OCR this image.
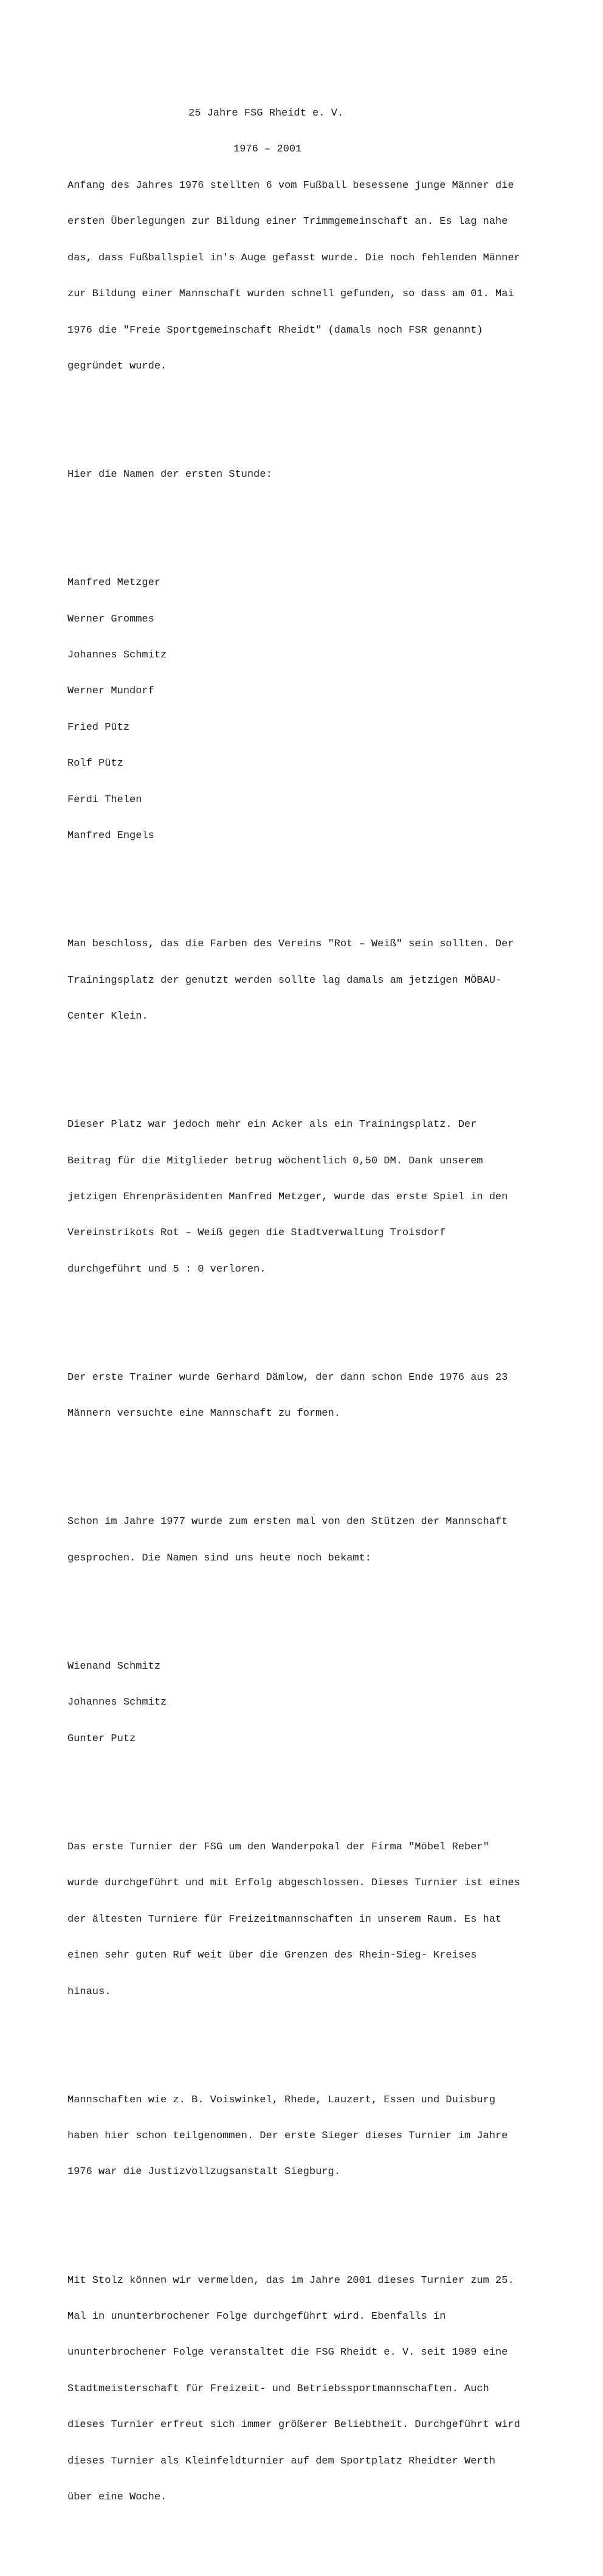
25 Jahre FSG Rheidt e. V.

1976 – 2001

Anfang des Jahres 1976 stellten 6 vom Fußball besessene junge Männer die

ersten Überlegungen zur Bildung einer Trimmgemeinschaft an. Es lag nahe

das, dass Fußballspiel in's Auge gefasst wurde. Die noch fehlenden Männer

zur Bildung einer Mannschaft wurden schnell gefunden, so dass am 01. Mai

1976 die "Freie Sportgemeinschaft Rheidt" (damals noch FSR genannt)

gegründet wurde.

Hier die Namen der ersten Stunde:

Manfred Metzger

Werner Grommes

Johannes Schmitz

Werner Mundorf

Fried Pütz

Rolf Pütz

Ferdi Thelen

Manfred Engels

Man beschloss, das die Farben des Vereins "Rot – Weiß" sein sollten. Der

Trainingsplatz der genutzt werden sollte lag damals am jetzigen MÖBAU-

Center Klein.

Dieser Platz war jedoch mehr ein Acker als ein Trainingsplatz. Der

Beitrag für die Mitglieder betrug wöchentlich 0,50 DM. Dank unserem

jetzigen Ehrenpräsidenten Manfred Metzger, wurde das erste Spiel in den

Vereinstrikots Rot – Weiß gegen die Stadtverwaltung Troisdorf

durchgeführt und 5 : 0 verloren.

Der erste Trainer wurde Gerhard Dämlow, der dann schon Ende 1976 aus 23

Männern versuchte eine Mannschaft zu formen.

Schon im Jahre 1977 wurde zum ersten mal von den Stützen der Mannschaft

gesprochen. Die Namen sind uns heute noch bekamt:

Wienand Schmitz

Johannes Schmitz

Gunter Putz

Das erste Turnier der FSG um den Wanderpokal der Firma "Möbel Reber"

wurde durchgeführt und mit Erfolg abgeschlossen. Dieses Turnier ist eines

der ältesten Turniere für Freizeitmannschaften in unserem Raum. Es hat

einen sehr guten Ruf weit über die Grenzen des Rhein-Sieg- Kreises

hinaus.

Mannschaften wie z. B. Voiswinkel, Rhede, Lauzert, Essen und Duisburg

haben hier schon teilgenommen. Der erste Sieger dieses Turnier im Jahre

1976 war die Justizvollzugsanstalt Siegburg.

Mit Stolz können wir vermelden, das im Jahre 2001 dieses Turnier zum 25.

Mal in ununterbrochener Folge durchgeführt wird. Ebenfalls in

ununterbrochener Folge veranstaltet die FSG Rheidt e. V. seit 1989 eine

Stadtmeisterschaft für Freizeit- und Betriebssportmannschaften. Auch

dieses Turnier erfreut sich immer größerer Beliebtheit. Durchgeführt wird

dieses Turnier als Kleinfeldturnier auf dem Sportplatz Rheidter Werth

über eine Woche.
